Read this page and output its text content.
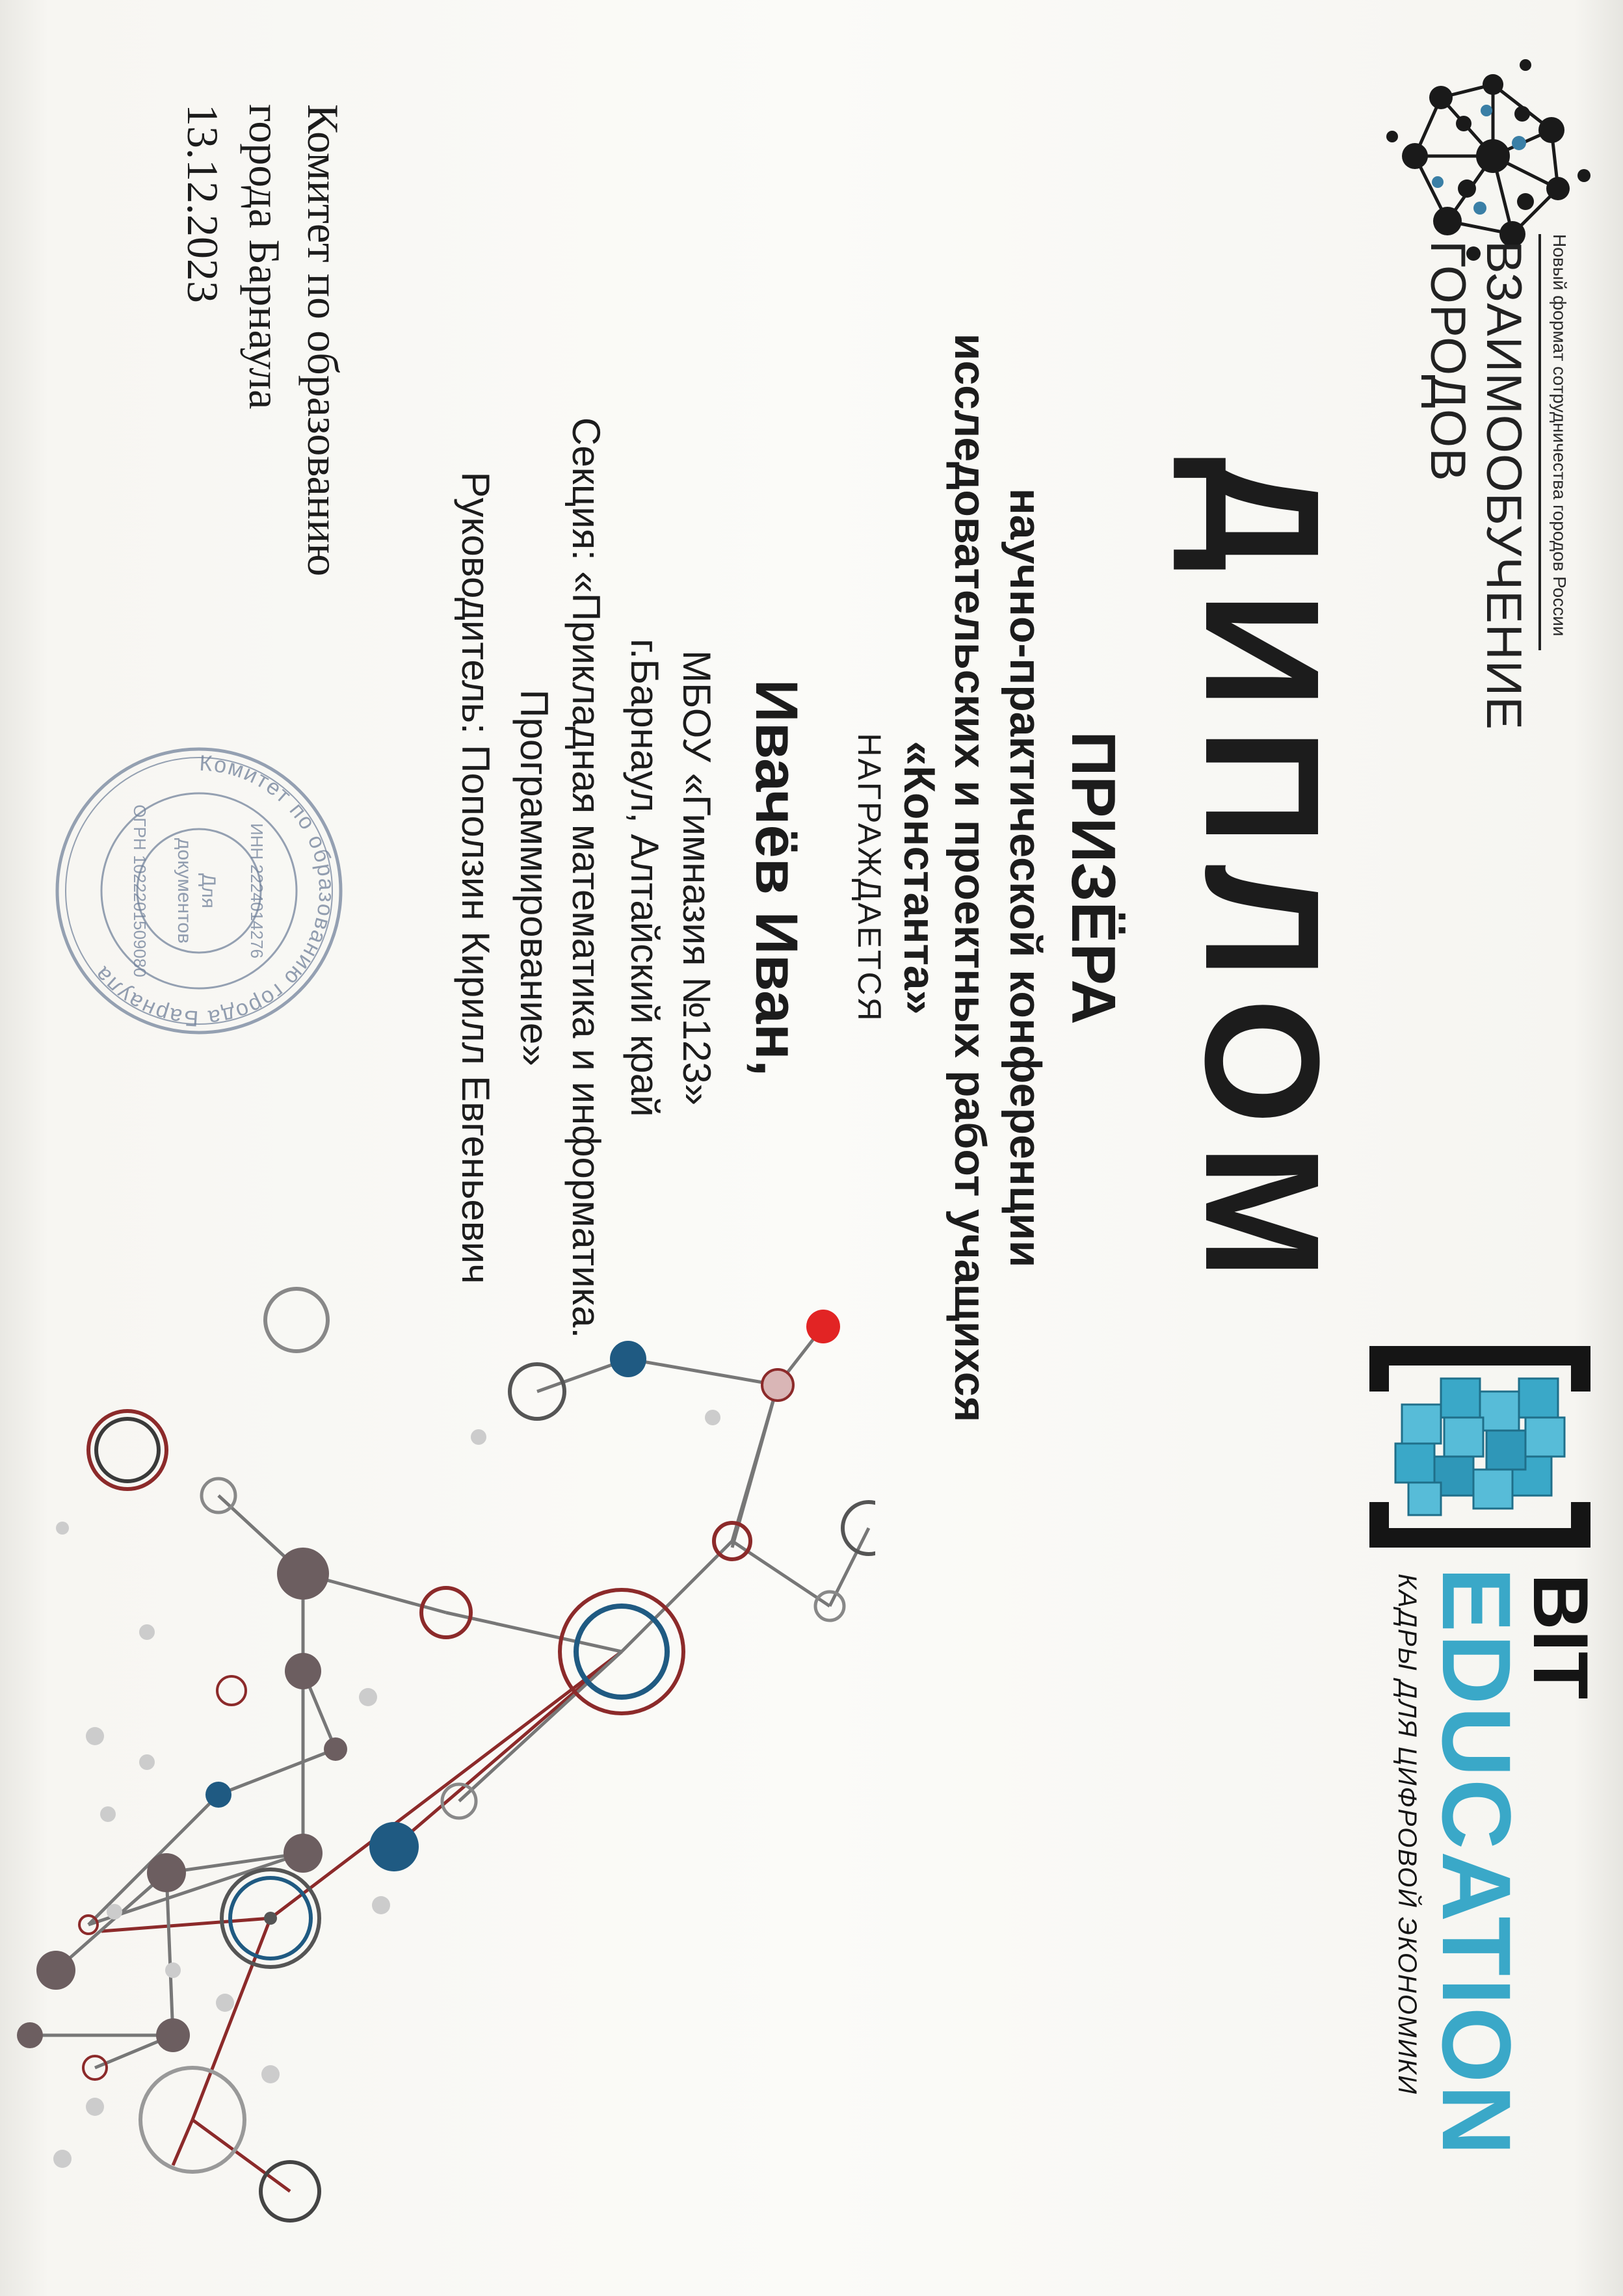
Новый формат сотрудничества городов России
ВЗАИМООБУЧЕНИЕ
ГОРОДОВ
BIT
EDUCATION
КАДРЫ ДЛЯ ЦИФРОВОЙ ЭКОНОМИКИ
ДИПЛОМ
ПРИЗЁРА
научно-практической конференции
исследовательских и проектных работ учащихся «Константа»
НАГРАЖДАЕТСЯ
Ивачёв Иван,
МБОУ «Гимназия №123»
г.Барнаул, Алтайский край
Секция: «Прикладная математика и информатика.
Программирование»
Руководитель: Поползин Кирилл Евгеньевич
Комитет по образованию
города Барнаула
13.12.2023
Комитет по образованию города Барнаула
ИНН 2224014276
ОГРН 1022201509080 Для
документов
